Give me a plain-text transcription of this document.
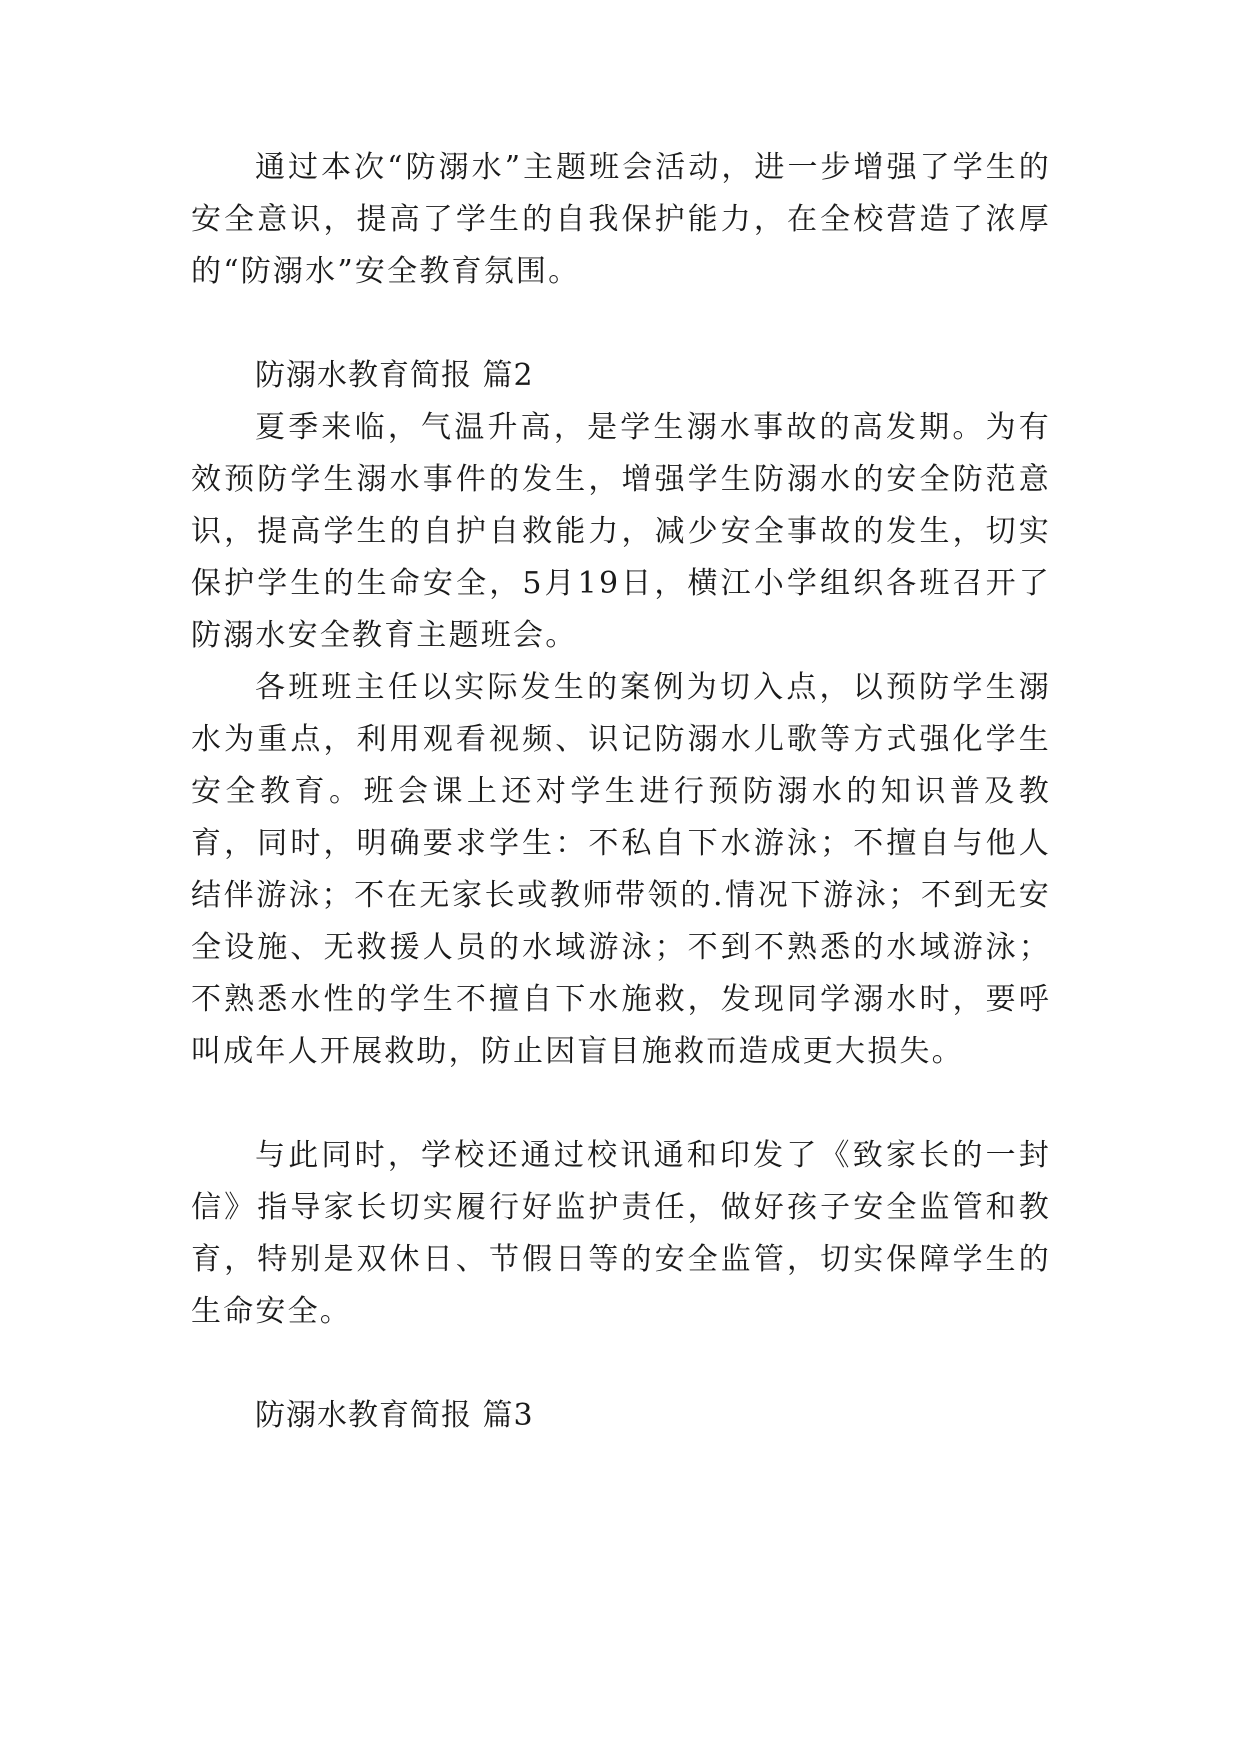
通过本次“防溺水”主题班会活动，进一步增强了学生的安全意识，提高了学生的自我保护能力，在全校营造了浓厚的“防溺水”安全教育氛围。

防溺水教育简报 篇2

夏季来临，气温升高，是学生溺水事故的高发期。为有效预防学生溺水事件的发生，增强学生防溺水的安全防范意识，提高学生的自护自救能力，减少安全事故的发生，切实保护学生的生命安全，5月19日，横江小学组织各班召开了防溺水安全教育主题班会。

各班班主任以实际发生的案例为切入点，以预防学生溺水为重点，利用观看视频、识记防溺水儿歌等方式强化学生安全教育。班会课上还对学生进行预防溺水的知识普及教育，同时，明确要求学生：不私自下水游泳；不擅自与他人结伴游泳；不在无家长或教师带领的.情况下游泳；不到无安全设施、无救援人员的水域游泳；不到不熟悉的水域游泳；不熟悉水性的学生不擅自下水施救，发现同学溺水时，要呼叫成年人开展救助，防止因盲目施救而造成更大损失。

与此同时，学校还通过校讯通和印发了《致家长的一封信》指导家长切实履行好监护责任，做好孩子安全监管和教育，特别是双休日、节假日等的安全监管，切实保障学生的生命安全。

防溺水教育简报 篇3
